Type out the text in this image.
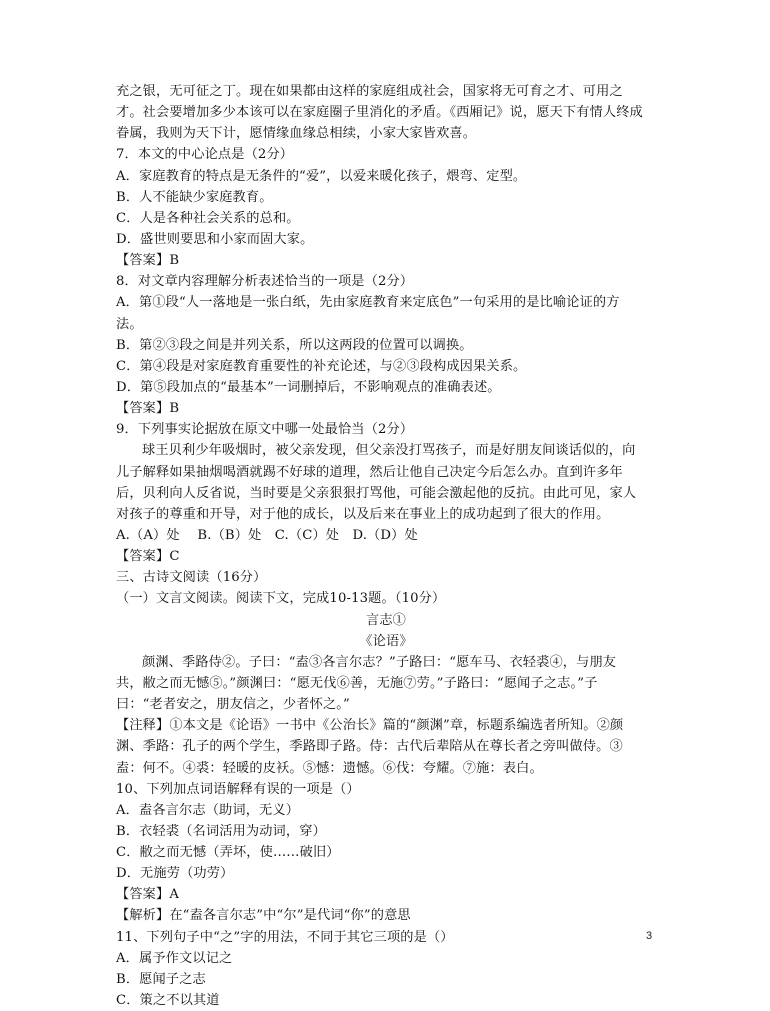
充之银，无可征之丁。现在如果都由这样的家庭组成社会，国家将无可育之才、可用之
才。社会要增加多少本该可以在家庭圈子里消化的矛盾。《西厢记》说，愿天下有情人终成
眷属，我则为天下计，愿情缘血缘总相续，小家大家皆欢喜。
7．本文的中心论点是（2分）
A．家庭教育的特点是无条件的“爱”，以爱来暖化孩子，煨弯、定型。
B．人不能缺少家庭教育。
C．人是各种社会关系的总和。
D．盛世则要思和小家而固大家。
【答案】B
8．对文章内容理解分析表述恰当的一项是（2分）
A．第①段“人一落地是一张白纸，先由家庭教育来定底色”一句采用的是比喻论证的方
法。
B．第②③段之间是并列关系，所以这两段的位置可以调换。
C．第④段是对家庭教育重要性的补充论述，与②③段构成因果关系。
D．第⑤段加点的“最基本”一词删掉后，不影响观点的准确表述。
【答案】B
9．下列事实论据放在原文中哪一处最恰当（2分）
球王贝利少年吸烟时，被父亲发现，但父亲没打骂孩子，而是好朋友间谈话似的，向
儿子解释如果抽烟喝酒就踢不好球的道理，然后让他自己决定今后怎么办。直到许多年
后，贝利向人反省说，当时要是父亲狠狠打骂他，可能会激起他的反抗。由此可见，家人
对孩子的尊重和开导，对于他的成长，以及后来在事业上的成功起到了很大的作用。
A.（A）处　 B.（B）处　C.（C）处　D.（D）处
【答案】C
三、古诗文阅读（16分）
（一）文言文阅读。阅读下文，完成10-13题。（10分）
言志①
《论语》
颜渊、季路侍②。子曰：“盍③各言尔志？”子路曰：“愿车马、衣轻裘④，与朋友
共，敝之而无憾⑤。”颜渊曰：“愿无伐⑥善，无施⑦劳。”子路曰：“愿闻子之志。”子
曰：“老者安之，朋友信之，少者怀之。”
【注释】①本文是《论语》一书中《公治长》篇的“颜渊”章，标题系编选者所知。②颜
渊、季路：孔子的两个学生，季路即子路。侍：古代后辈陪从在尊长者之旁叫做侍。③
盍：何不。④裘：轻暖的皮袄。⑤憾：遗憾。⑥伐：夸耀。⑦施：表白。
10、下列加点词语解释有误的一项是（）
A．盍各言尔志（助词，无义）
B．衣轻裘（名词活用为动词，穿）
C．敝之而无憾（弄坏，使……破旧）
D．无施劳（功劳）
【答案】A
【解析】在“盍各言尔志”中“尔”是代词“你”的意思
11、下列句子中“之”字的用法，不同于其它三项的是（）
A．属予作文以记之
B．愿闻子之志
C．策之不以其道
3
